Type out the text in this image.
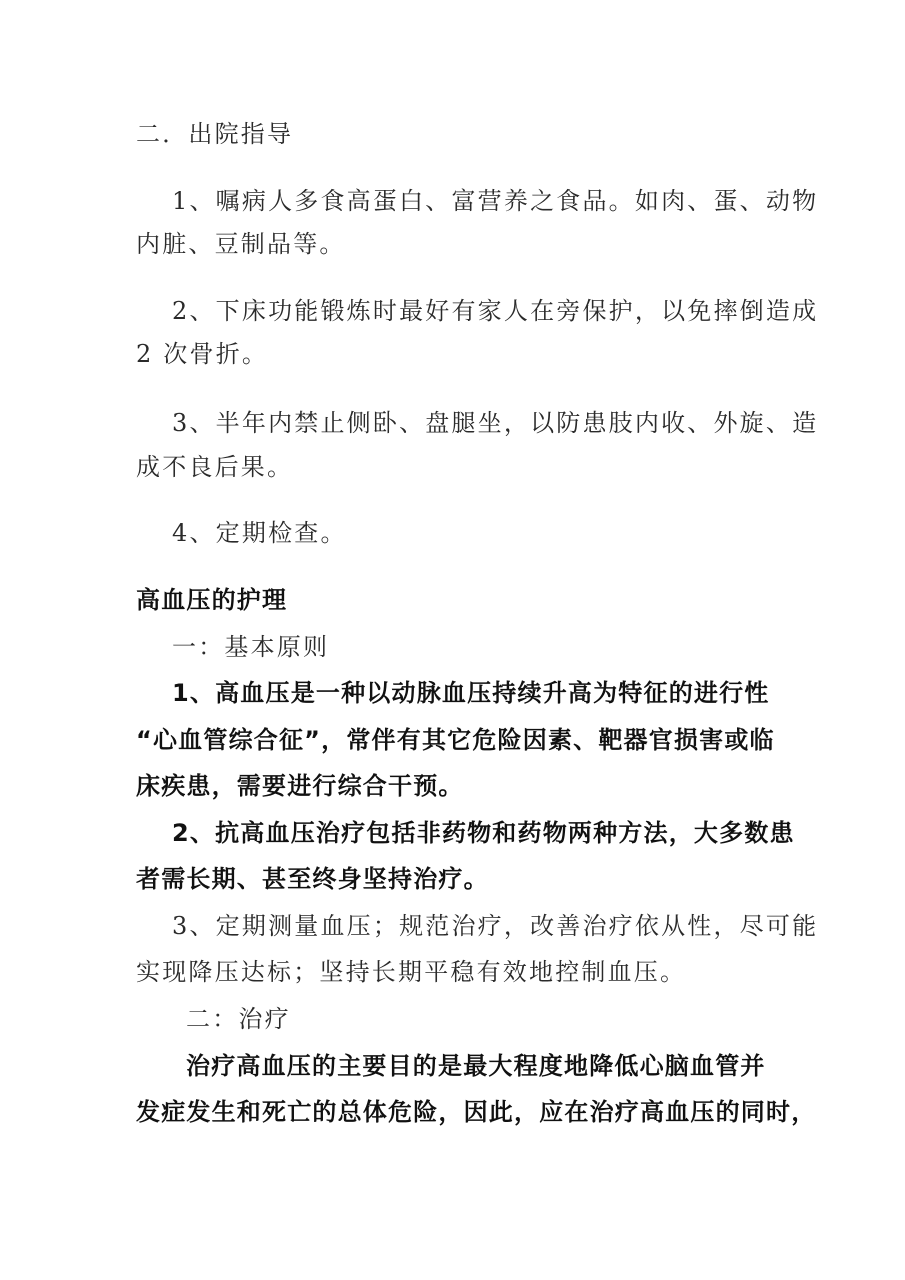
二．出院指导

1、嘱病人多食高蛋白、富营养之食品。如肉、蛋、动物

内脏、豆制品等。

2、下床功能锻炼时最好有家人在旁保护，以免摔倒造成

2 次骨折。

3、半年内禁止侧卧、盘腿坐，以防患肢内收、外旋、造

成不良后果。

4、定期检查。

高血压的护理

一：基本原则

1、高血压是一种以动脉血压持续升高为特征的进行性

“心血管综合征”，常伴有其它危险因素、靶器官损害或临

床疾患，需要进行综合干预。

2、抗高血压治疗包括非药物和药物两种方法，大多数患

者需长期、甚至终身坚持治疗。

3、定期测量血压；规范治疗，改善治疗依从性，尽可能

实现降压达标；坚持长期平稳有效地控制血压。

二：治疗

治疗高血压的主要目的是最大程度地降低心脑血管并

发症发生和死亡的总体危险，因此，应在治疗高血压的同时，
